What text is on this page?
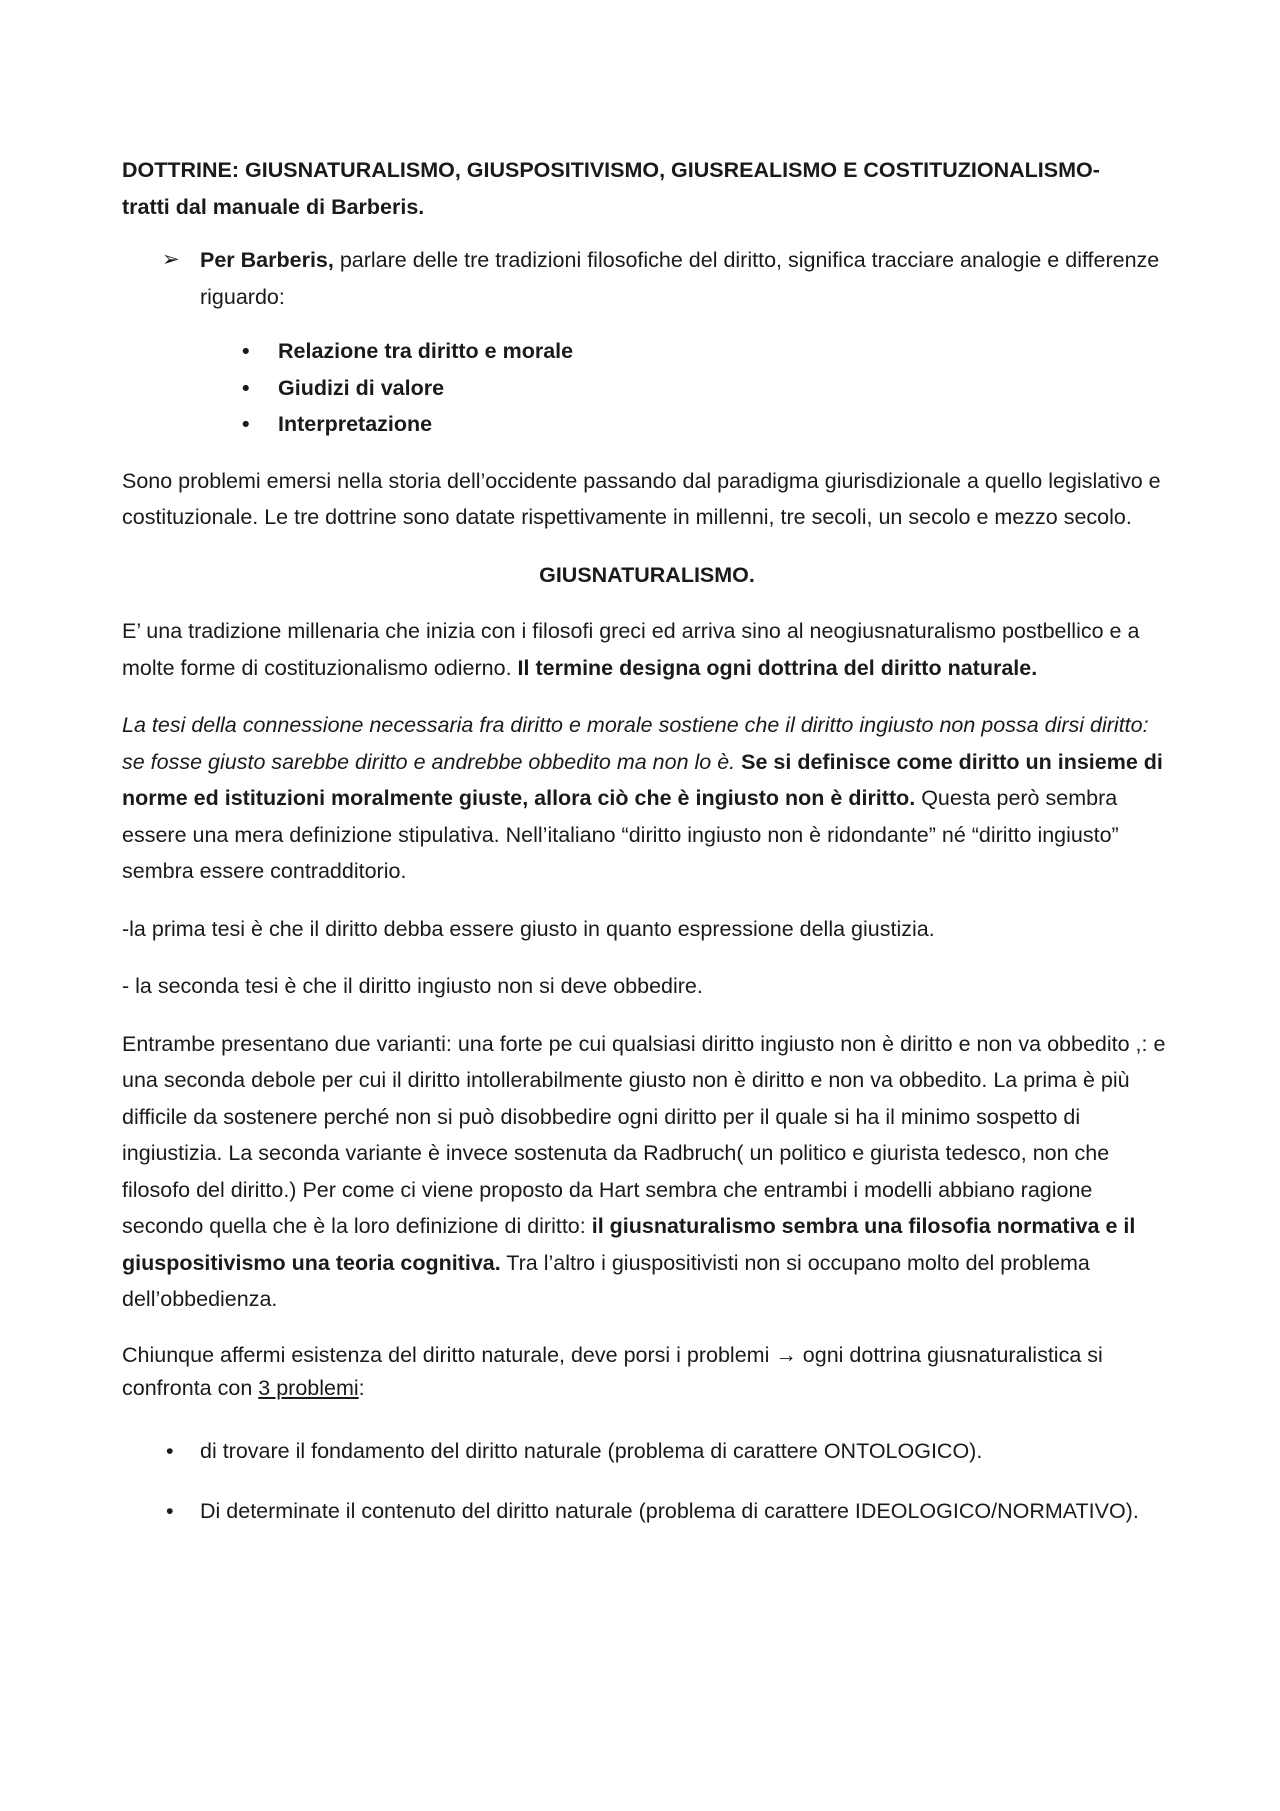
DOTTRINE: GIUSNATURALISMO, GIUSPOSITIVISMO, GIUSREALISMO E COSTITUZIONALISMO-
tratti dal manuale di Barberis.

➢ Per Barberis, parlare delle tre tradizioni filosofiche del diritto, significa tracciare analogie e differenze riguardo:
• Relazione tra diritto e morale
• Giudizi di valore
• Interpretazione

Sono problemi emersi nella storia dell’occidente passando dal paradigma giurisdizionale a quello legislativo e costituzionale. Le tre dottrine sono datate rispettivamente in millenni, tre secoli, un secolo e mezzo secolo.

GIUSNATURALISMO.

E’ una tradizione millenaria che inizia con i filosofi greci ed arriva sino al neogiusnaturalismo postbellico e a molte forme di costituzionalismo odierno. Il termine designa ogni dottrina del diritto naturale.

La tesi della connessione necessaria fra diritto e morale sostiene che il diritto ingiusto non possa dirsi diritto: se fosse giusto sarebbe diritto e andrebbe obbedito ma non lo è. Se si definisce come diritto un insieme di norme ed istituzioni moralmente giuste, allora ciò che è ingiusto non è diritto. Questa però sembra essere una mera definizione stipulativa. Nell’italiano “diritto ingiusto non è ridondante” né “diritto ingiusto” sembra essere contradditorio.

-la prima tesi è che il diritto debba essere giusto in quanto espressione della giustizia.

- la seconda tesi è che il diritto ingiusto non si deve obbedire.

Entrambe presentano due varianti: una forte pe cui qualsiasi diritto ingiusto non è diritto e non va obbedito ,: e una seconda debole per cui il diritto intollerabilmente giusto non è diritto e non va obbedito. La prima è più difficile da sostenere perché non si può disobbedire ogni diritto per il quale si ha il minimo sospetto di ingiustizia. La seconda variante è invece sostenuta da Radbruch( un politico e giurista tedesco, non che filosofo del diritto.) Per come ci viene proposto da Hart sembra che entrambi i modelli abbiano ragione secondo quella che è la loro definizione di diritto: il giusnaturalismo sembra una filosofia normativa e il giuspositivismo una teoria cognitiva. Tra l’altro i giuspositivisti non si occupano molto del problema dell’obbedienza.

Chiunque affermi esistenza del diritto naturale, deve porsi i problemi → ogni dottrina giusnaturalistica si confronta con 3 problemi:

• di trovare il fondamento del diritto naturale (problema di carattere ONTOLOGICO).
• Di determinate il contenuto del diritto naturale (problema di carattere IDEOLOGICO/NORMATIVO).
